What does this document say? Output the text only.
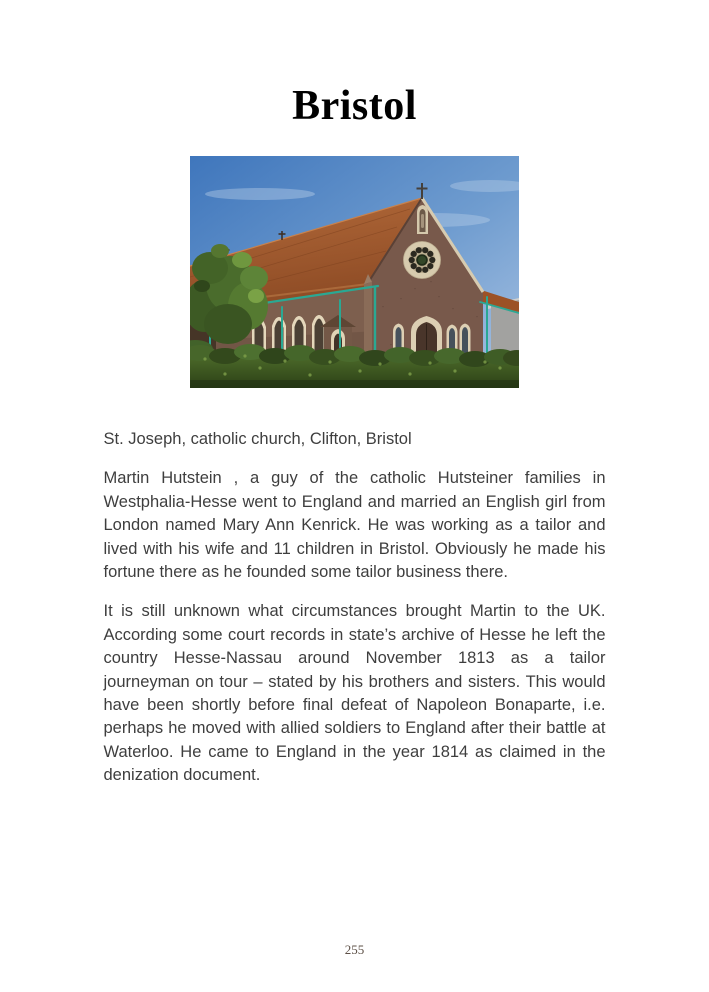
Bristol

St. Joseph, catholic church, Clifton, Bristol

Martin Hutstein , a guy of the catholic Hutsteiner families in Westphalia-Hesse went to England and married an English girl from London named Mary Ann Kenrick. He was working as a tailor and lived with his wife and 11 children in Bristol. Obviously he made his fortune there as he founded some tailor business there.

It is still unknown what circumstances brought Martin to the UK. According some court records in state’s archive of Hesse he left the country Hesse-Nassau around November 1813 as a tailor journeyman on tour – stated by his brothers and sisters. This would have been shortly before final defeat of Napoleon Bonaparte, i.e. perhaps he moved with allied soldiers to England after their battle at Waterloo. He came to England in the year 1814 as claimed in the denization document.

255
